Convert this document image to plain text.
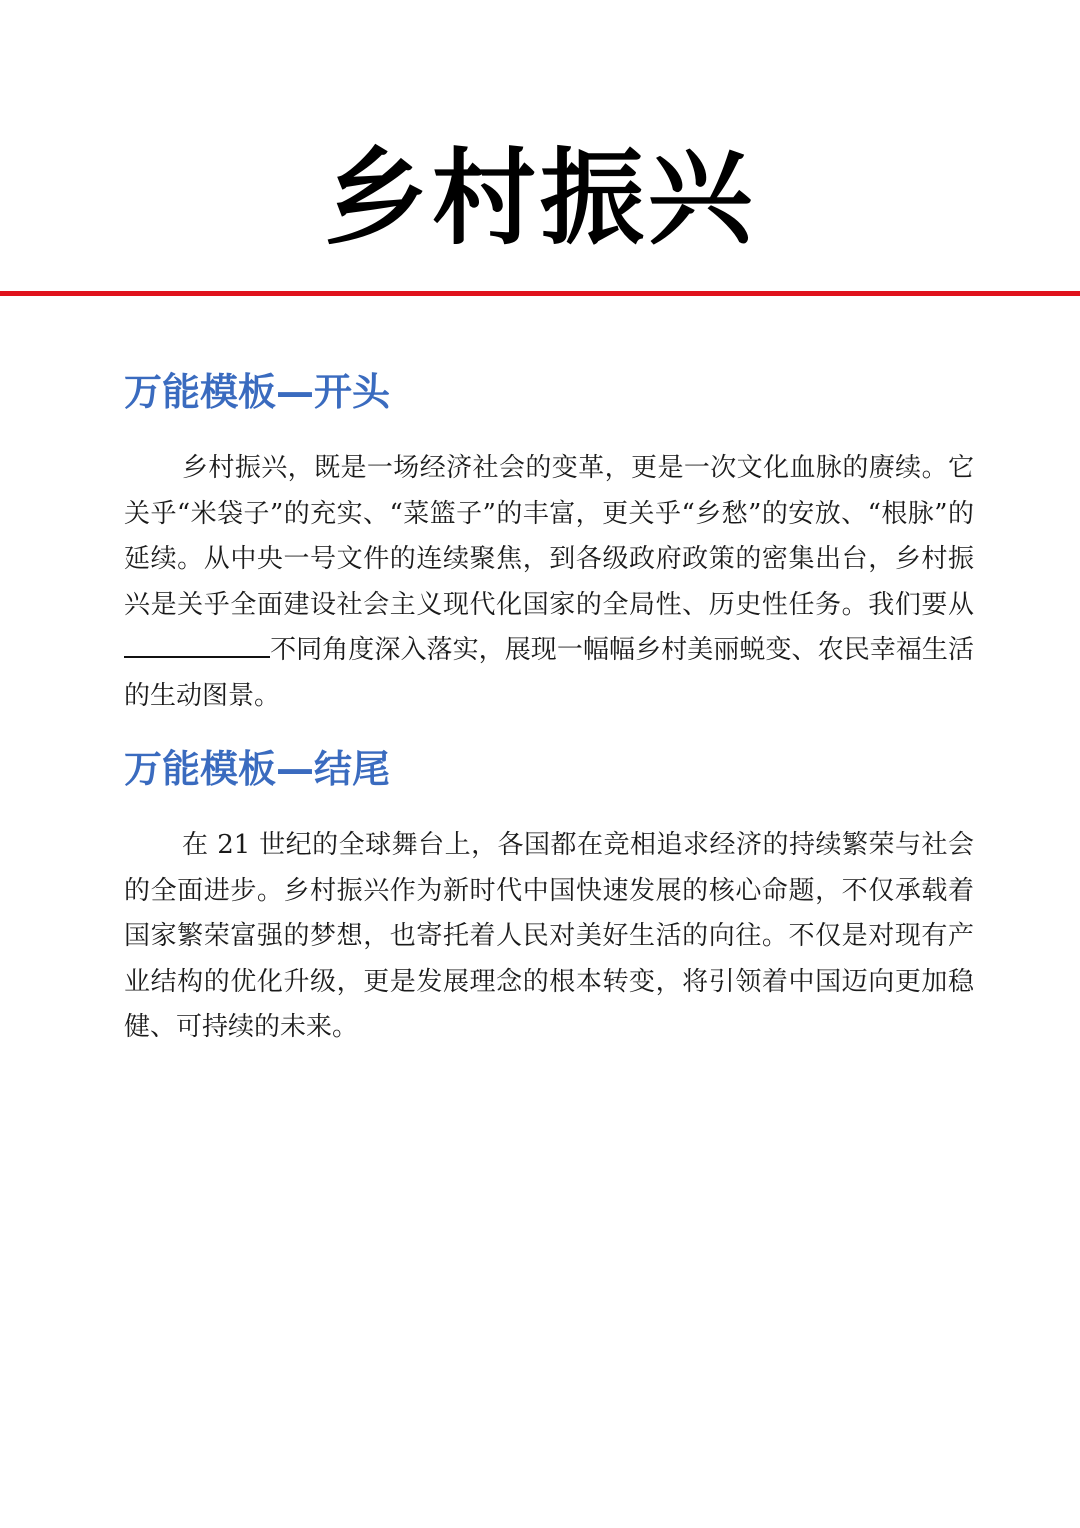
乡村振兴
万能模板—开头
乡村振兴，既是一场经济社会的变革，更是一次文化血脉的赓续。它关乎“米袋子”的充实、“菜篮子”的丰富，更关乎“乡愁”的安放、“根脉”的延续。从中央一号文件的连续聚焦，到各级政府政策的密集出台，乡村振兴是关乎全面建设社会主义现代化国家的全局性、历史性任务。我们要从不同角度深入落实，展现一幅幅乡村美丽蜕变、农民幸福生活的生动图景。
万能模板—结尾
在 21 世纪的全球舞台上，各国都在竞相追求经济的持续繁荣与社会的全面进步。乡村振兴作为新时代中国快速发展的核心命题，不仅承载着国家繁荣富强的梦想，也寄托着人民对美好生活的向往。不仅是对现有产业结构的优化升级，更是发展理念的根本转变，将引领着中国迈向更加稳健、可持续的未来。
